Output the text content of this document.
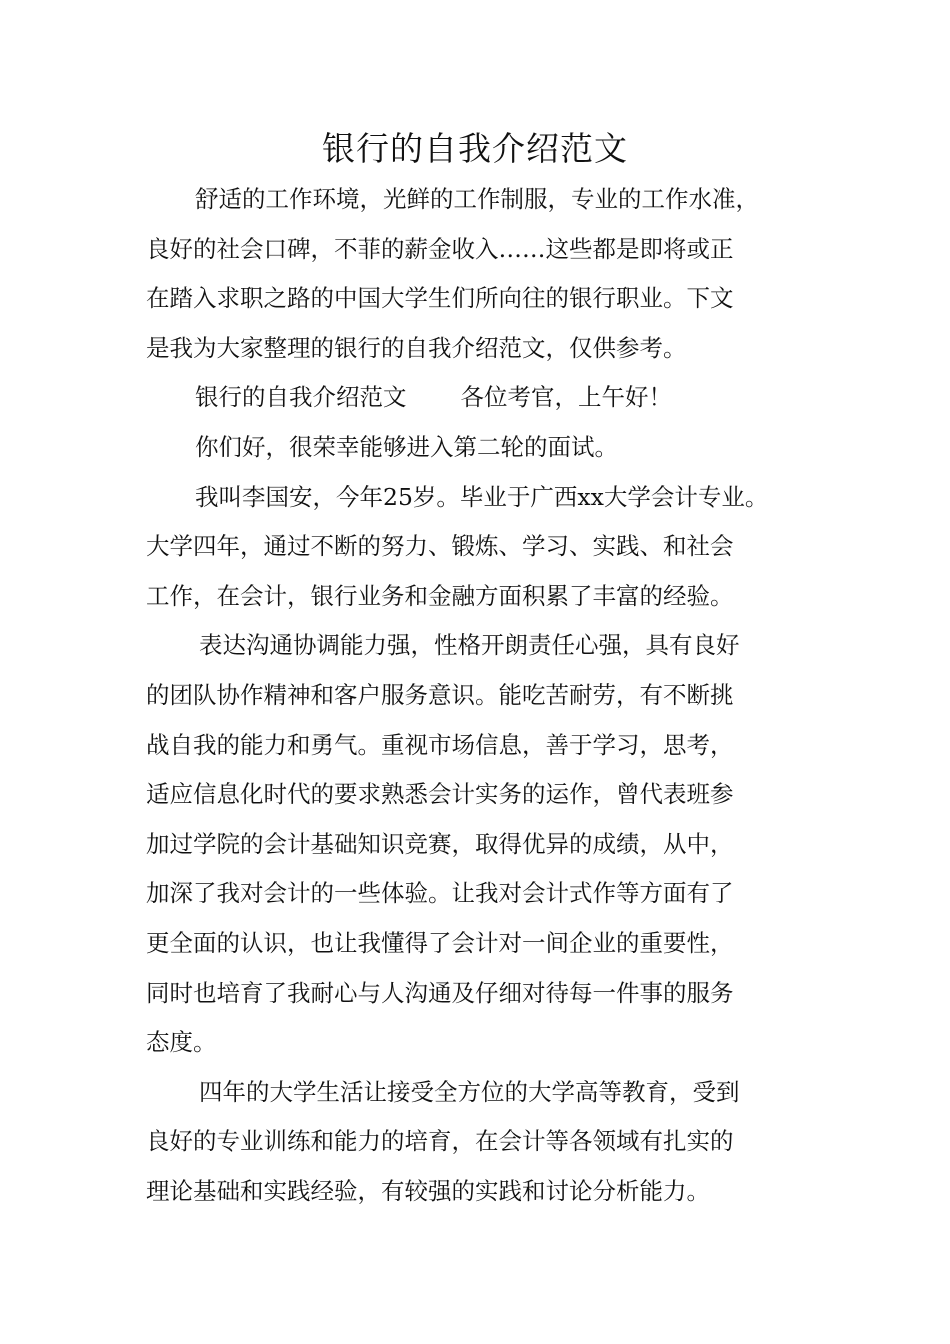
银行的自我介绍范文
舒适的工作环境，光鲜的工作制服，专业的工作水准，
良好的社会口碑，不菲的薪金收入……这些都是即将或正
在踏入求职之路的中国大学生们所向往的银行职业。下文
是我为大家整理的银行的自我介绍范文，仅供参考。
银行的自我介绍范文 各位考官，上午好！
你们好，很荣幸能够进入第二轮的面试。
我叫李国安，今年25岁。毕业于广西xx大学会计专业。
大学四年，通过不断的努力、锻炼、学习、实践、和社会
工作，在会计，银行业务和金融方面积累了丰富的经验。
表达沟通协调能力强，性格开朗责任心强，具有良好
的团队协作精神和客户服务意识。能吃苦耐劳，有不断挑
战自我的能力和勇气。重视市场信息，善于学习，思考，
适应信息化时代的要求熟悉会计实务的运作，曾代表班参
加过学院的会计基础知识竞赛，取得优异的成绩，从中，
加深了我对会计的一些体验。让我对会计式作等方面有了
更全面的认识，也让我懂得了会计对一间企业的重要性，
同时也培育了我耐心与人沟通及仔细对待每一件事的服务
态度。
四年的大学生活让接受全方位的大学高等教育，受到
良好的专业训练和能力的培育，在会计等各领域有扎实的
理论基础和实践经验，有较强的实践和讨论分析能力。
